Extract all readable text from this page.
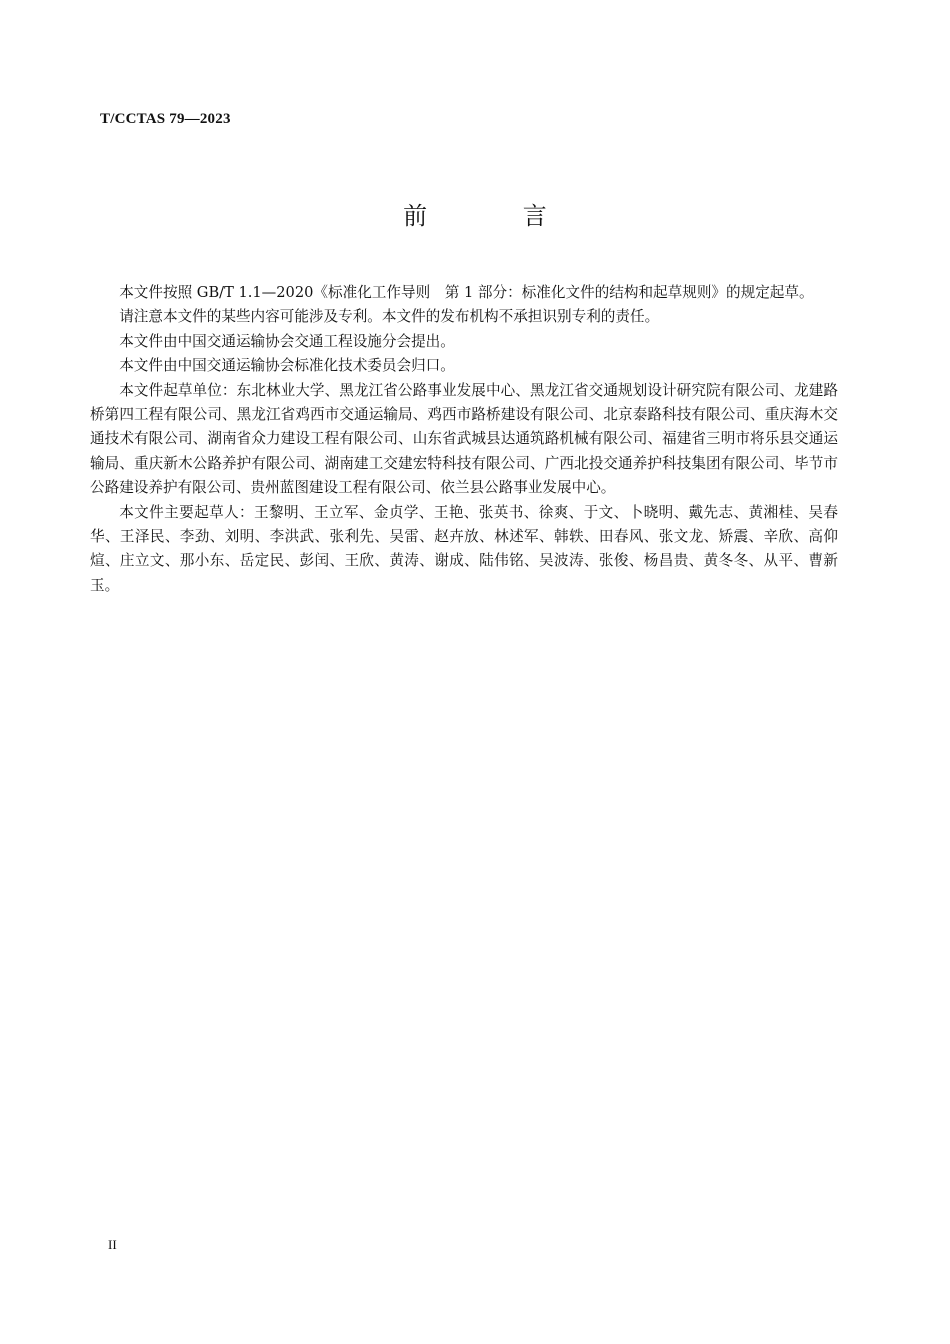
T/CCTAS 79—2023
前 言

本文件按照 GB/T 1.1—2020《标准化工作导则　第 1 部分：标准化文件的结构和起草规则》的规定起草。

请注意本文件的某些内容可能涉及专利。本文件的发布机构不承担识别专利的责任。

本文件由中国交通运输协会交通工程设施分会提出。

本文件由中国交通运输协会标准化技术委员会归口。

本文件起草单位：东北林业大学、黑龙江省公路事业发展中心、黑龙江省交通规划设计研究院有限公司、龙建路桥第四工程有限公司、黑龙江省鸡西市交通运输局、鸡西市路桥建设有限公司、北京泰路科技有限公司、重庆海木交通技术有限公司、湖南省众力建设工程有限公司、山东省武城县达通筑路机械有限公司、福建省三明市将乐县交通运输局、重庆新木公路养护有限公司、湖南建工交建宏特科技有限公司、广西北投交通养护科技集团有限公司、毕节市公路建设养护有限公司、贵州蓝图建设工程有限公司、依兰县公路事业发展中心。

本文件主要起草人：王黎明、王立军、金贞学、王艳、张英书、徐爽、于文、卜晓明、戴先志、黄湘桂、吴春华、王泽民、李劲、刘明、李洪武、张利先、吴雷、赵卉放、林述军、韩轶、田春风、张文龙、矫震、辛欣、高仰煊、庄立文、那小东、岳定民、彭闰、王欣、黄涛、谢成、陆伟铭、吴波涛、张俊、杨昌贵、黄冬冬、从平、曹新玉。

II
